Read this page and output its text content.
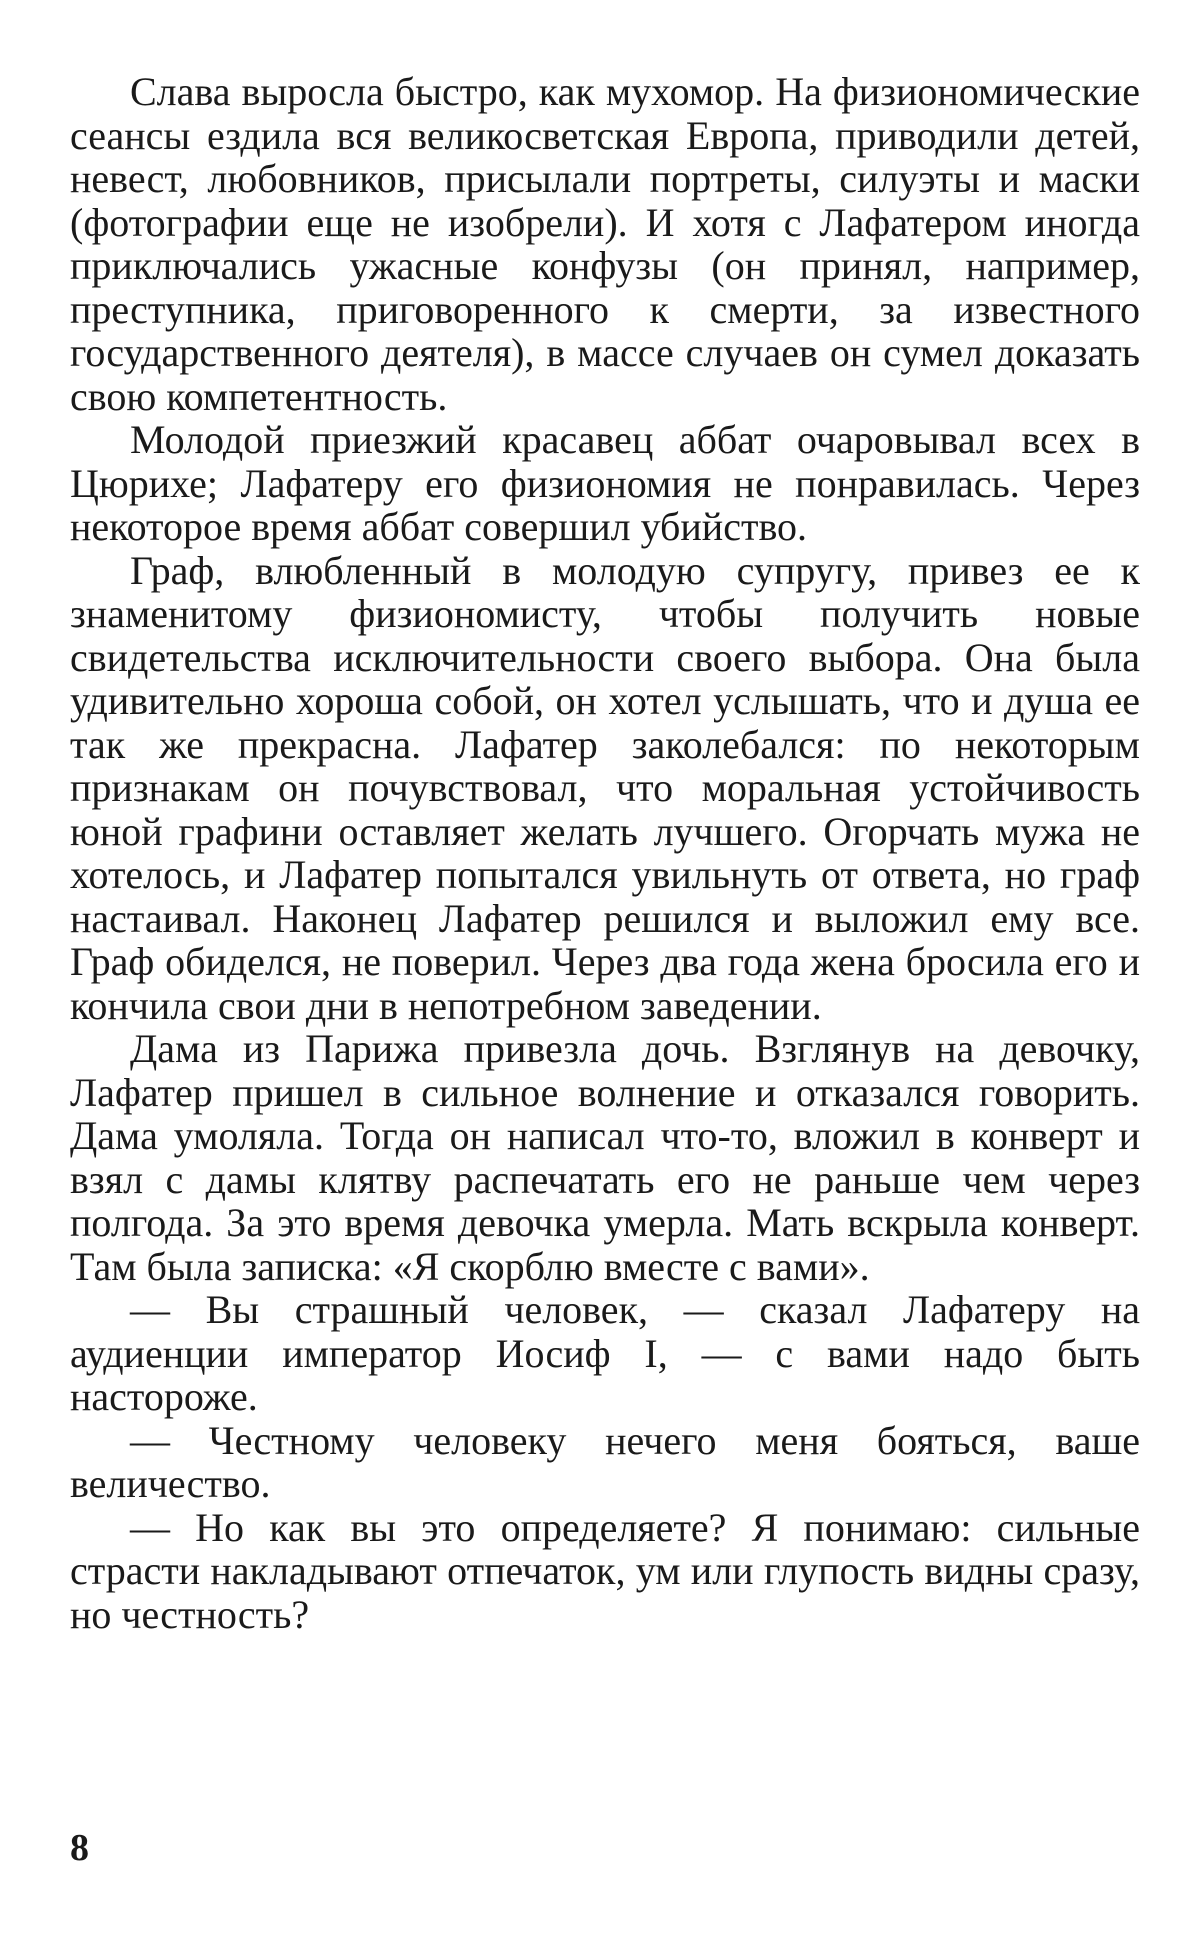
Слава выросла быстро, как мухомор. На физиономические сеансы ездила вся великосветская Европа, приводили детей, невест, любовников, присылали портреты, силуэты и маски (фотографии еще не изобрели). И хотя с Лафатером иногда приключались ужасные конфузы (он принял, например, преступника, приговоренного к смерти, за известного государственного деятеля), в массе случаев он сумел доказать свою компетентность.

Молодой приезжий красавец аббат очаровывал всех в Цюрихе; Лафатеру его физиономия не понравилась. Через некоторое время аббат совершил убийство.

Граф, влюбленный в молодую супругу, привез ее к знаменитому физиономисту, чтобы получить новые свидетельства исключительности своего выбора. Она была удивительно хороша собой, он хотел услышать, что и душа ее так же прекрасна. Лафатер заколебался: по некоторым признакам он почувствовал, что моральная устойчивость юной графини оставляет желать лучшего. Огорчать мужа не хотелось, и Лафатер попытался увильнуть от ответа, но граф настаивал. Наконец Лафатер решился и выложил ему все. Граф обиделся, не поверил. Через два года жена бросила его и кончила свои дни в непотребном заведении.

Дама из Парижа привезла дочь. Взглянув на девочку, Лафатер пришел в сильное волнение и отказался говорить. Дама умоляла. Тогда он написал что-то, вложил в конверт и взял с дамы клятву распечатать его не раньше чем через полгода. За это время девочка умерла. Мать вскрыла конверт. Там была записка: «Я скорблю вместе с вами».

— Вы страшный человек, — сказал Лафатеру на аудиенции император Иосиф I, — с вами надо быть настороже.

— Честному человеку нечего меня бояться, ваше величество.

— Но как вы это определяете? Я понимаю: сильные страсти накладывают отпечаток, ум или глупость видны сразу, но честность?

8
